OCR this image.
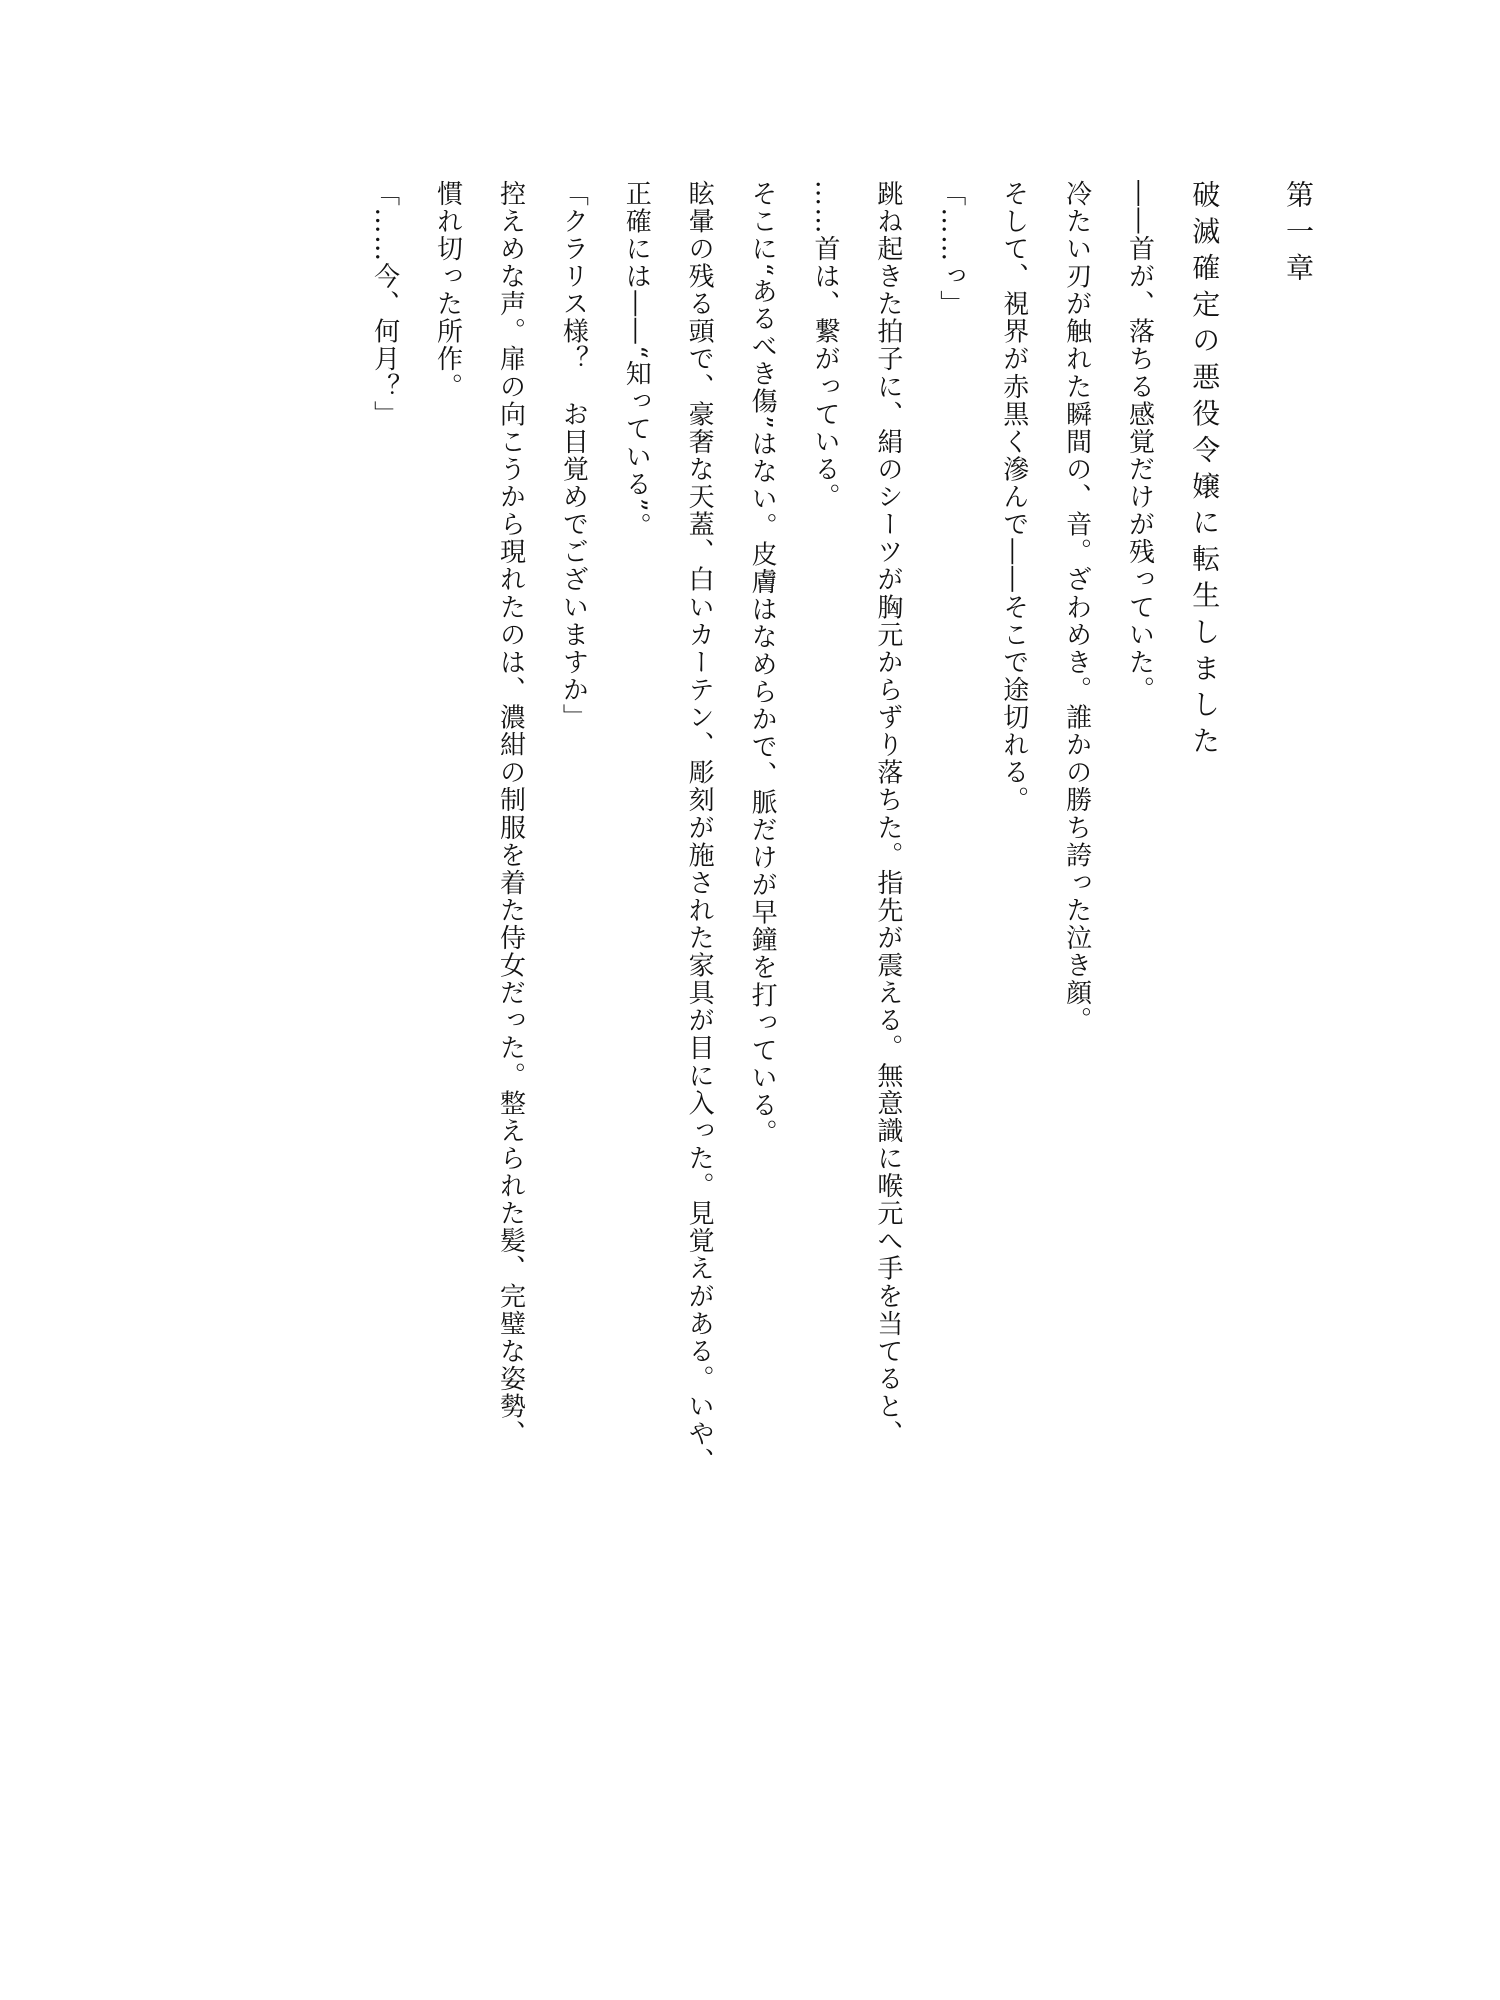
第一章

破滅確定の悪役令嬢に転生しました

――首が、落ちる感覚だけが残っていた。

冷たい刃が触れた瞬間の、音。ざわめき。誰かの勝ち誇った泣き顔。

そして、視界が赤黒く滲んで――そこで途切れる。

「……っ」

跳ね起きた拍子に、絹のシーツが胸元からずり落ちた。指先が震える。無意識に喉元へ手を当てると、

……首は、繋がっている。

そこに“あるべき傷”はない。皮膚はなめらかで、脈だけが早鐘を打っている。

眩暈の残る頭で、豪奢な天蓋、白いカーテン、彫刻が施された家具が目に入った。見覚えがある。いや、

正確には――“知っている”。

「クラリス様？　お目覚めでございますか」

控えめな声。扉の向こうから現れたのは、濃紺の制服を着た侍女だった。整えられた髪、完璧な姿勢、

慣れ切った所作。

「……今、何月？」
